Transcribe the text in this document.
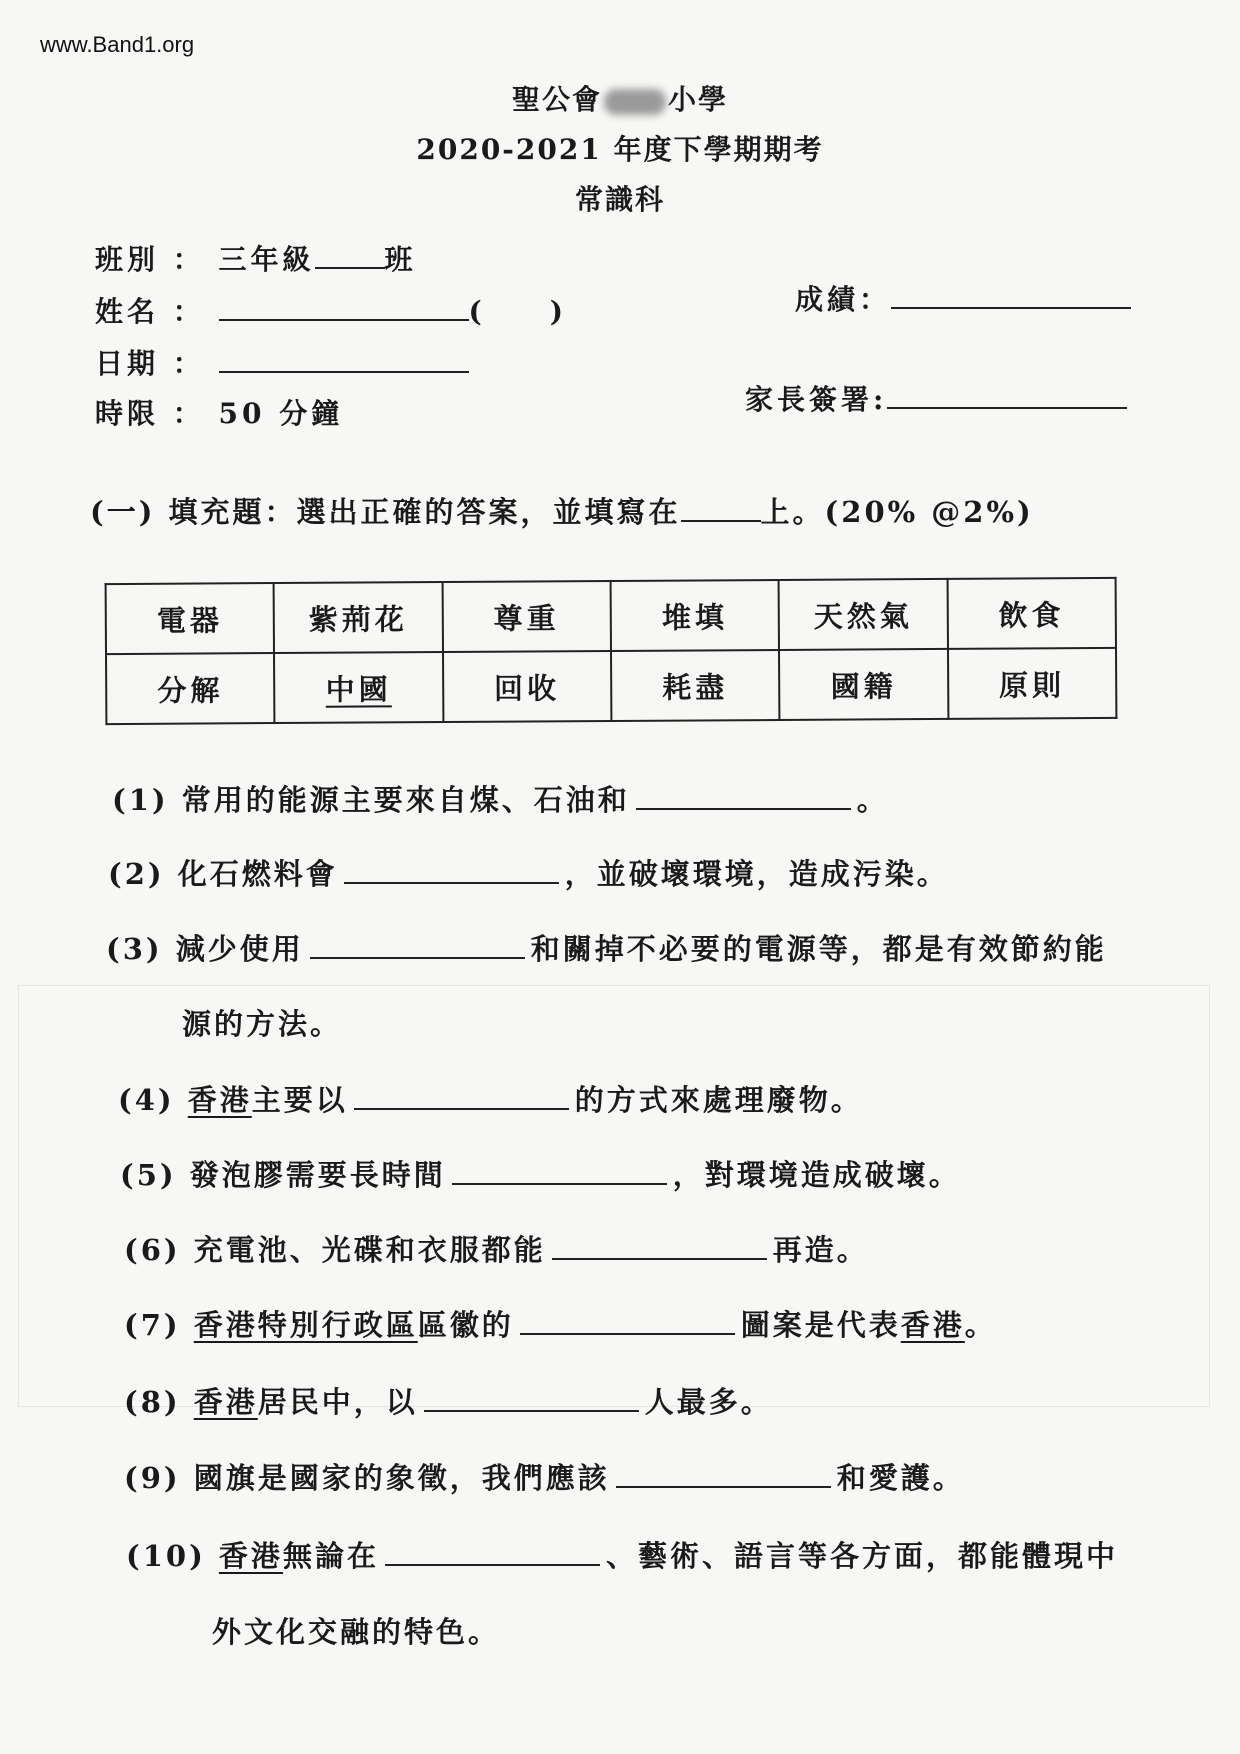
www.Band1.org
聖公會 小學
2020-2021 年度下學期期考
常識科
班別 ： 三年級	班
姓名 ：	(　　)
日期 ：
時限 ： 50 分鐘
成績：
家長簽署:
(一) 填充題：選出正確的答案，並填寫在	上。(20% @2%)
電器	紫荊花	尊重	堆填	天然氣	飲食
分解	中國	回收	耗盡	國籍	原則
(1) 常用的能源主要來自煤、石油和	。
(2) 化石燃料會	，並破壞環境，造成污染。
(3) 減少使用	和關掉不必要的電源等，都是有效節約能
源的方法。
(4) 香港主要以	的方式來處理廢物。
(5) 發泡膠需要長時間	，對環境造成破壞。
(6) 充電池、光碟和衣服都能	再造。
(7) 香港特別行政區區徽的	圖案是代表香港。
(8) 香港居民中，以	人最多。
(9) 國旗是國家的象徵，我們應該	和愛護。
(10) 香港無論在	、藝術、語言等各方面，都能體現中
外文化交融的特色。
